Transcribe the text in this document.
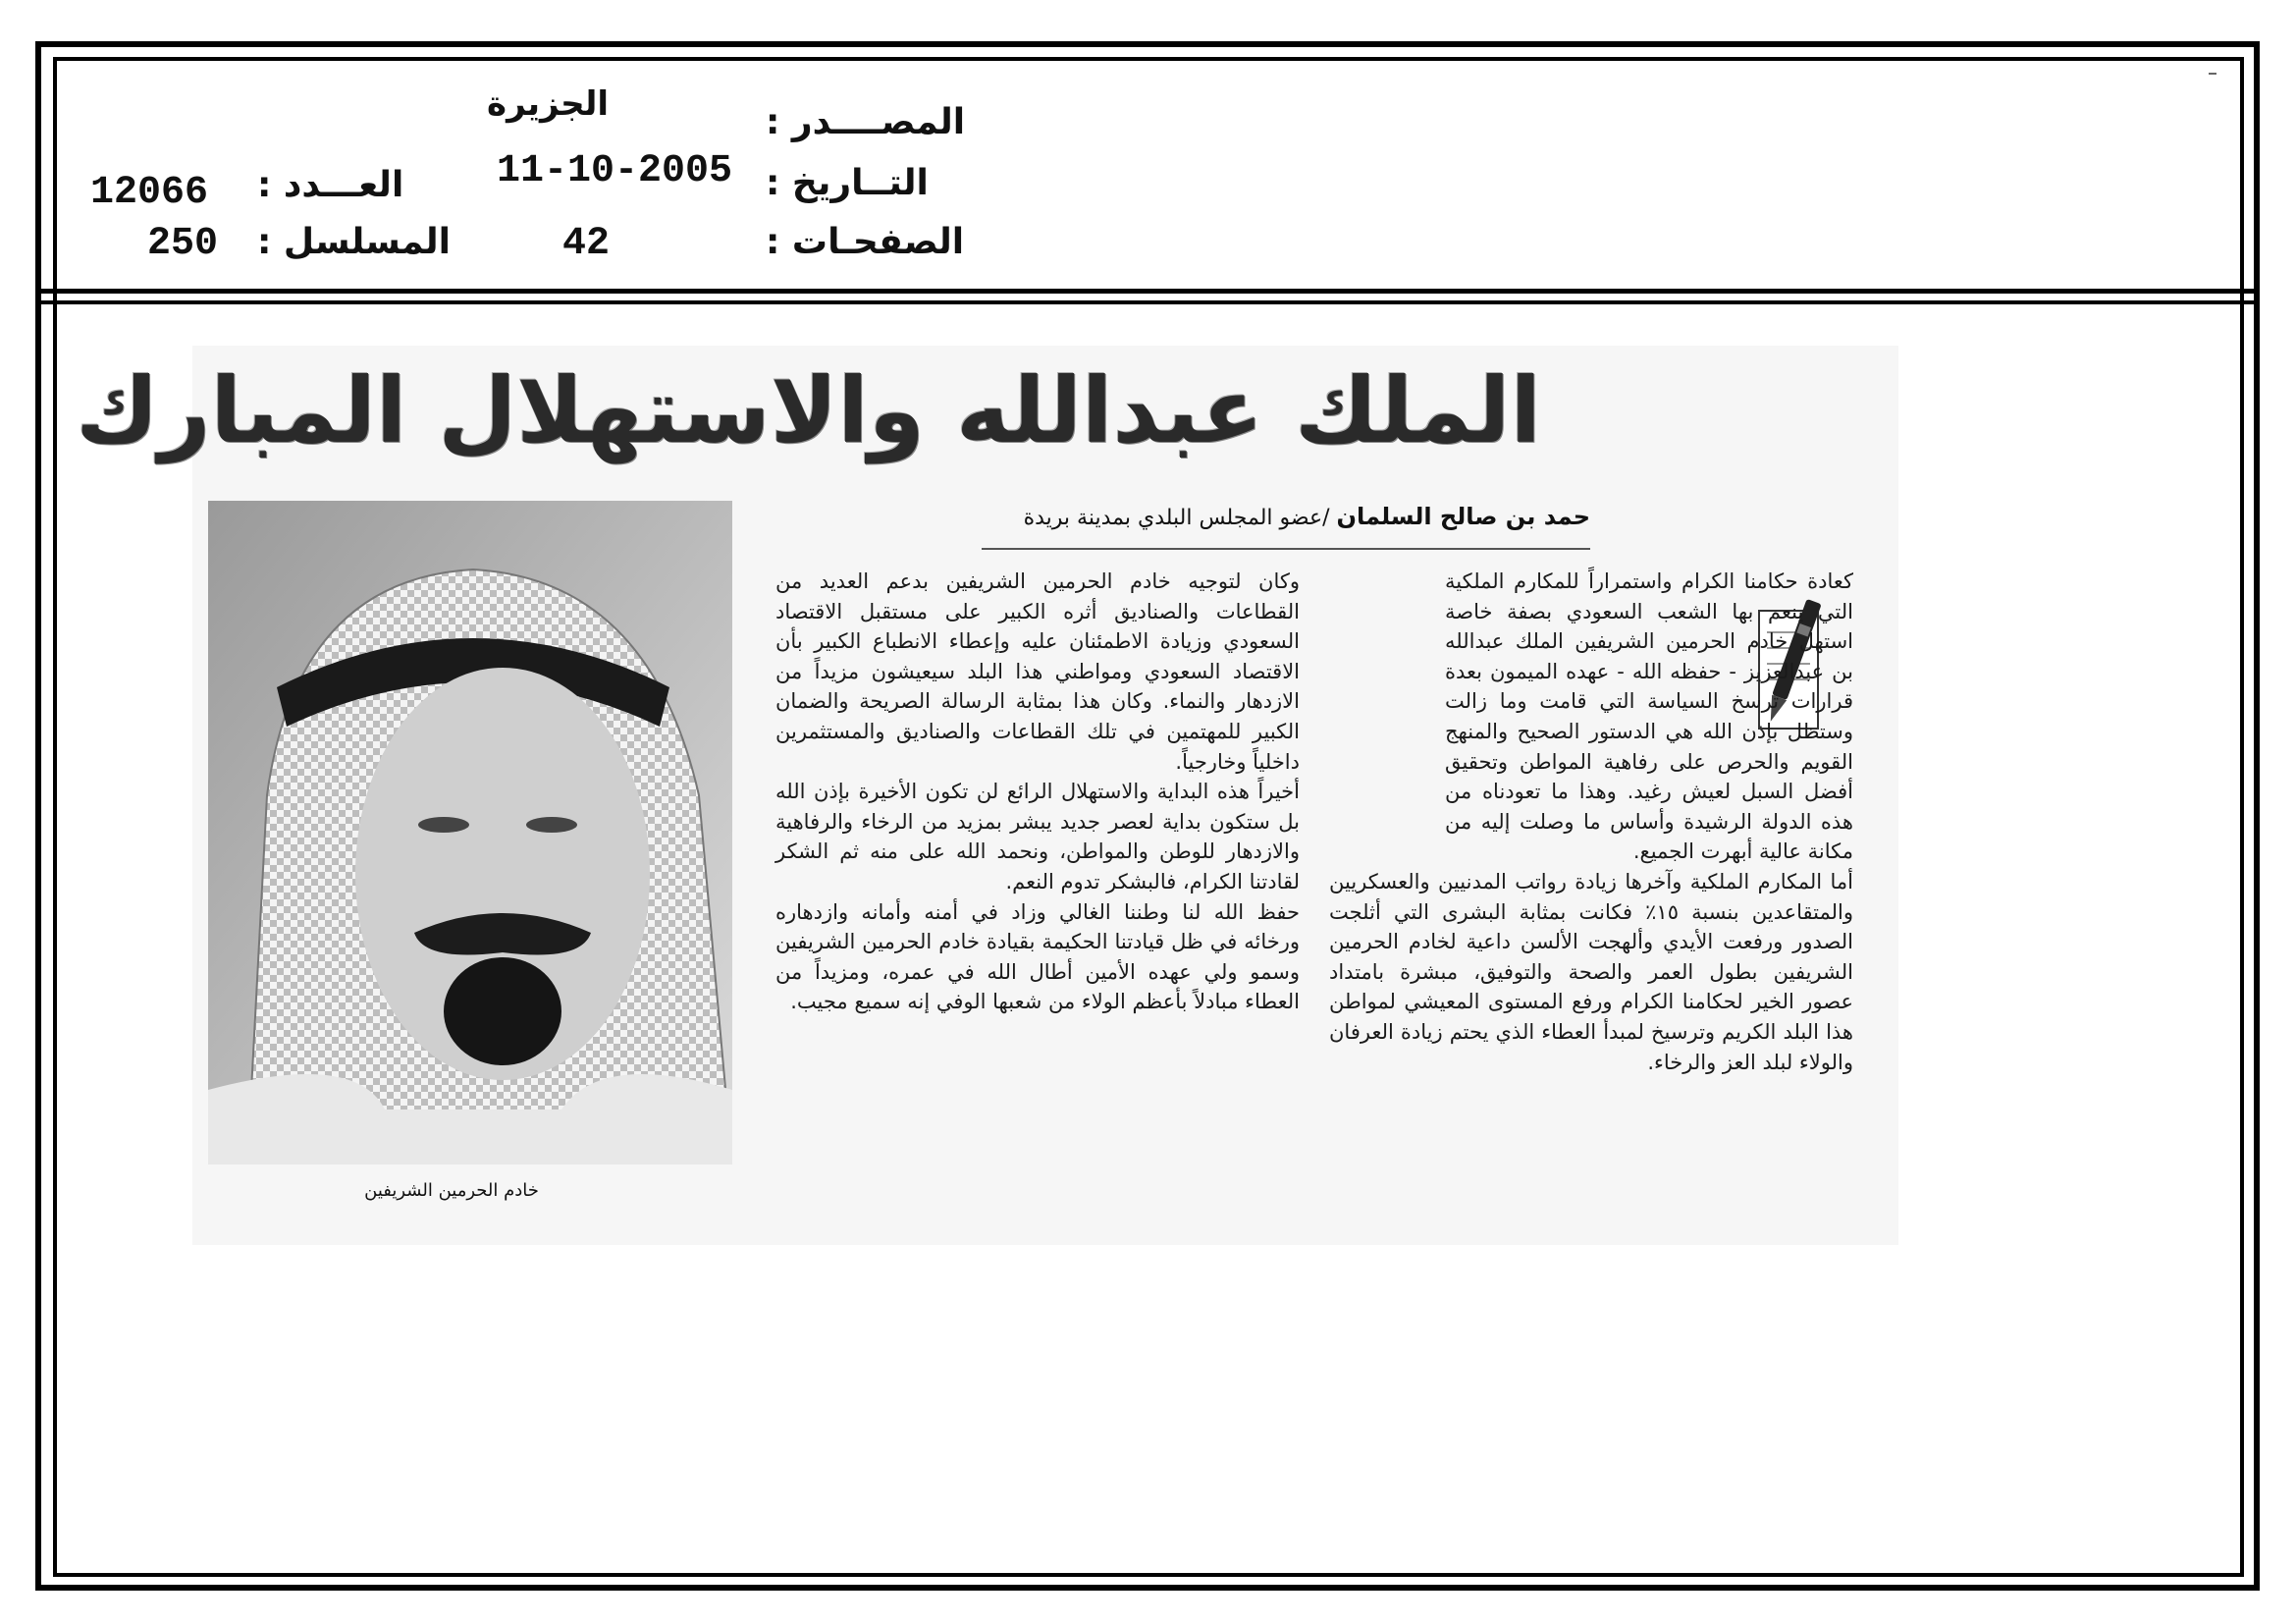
الجزيرة	المصــــدر :
11-10-2005 التــاريخ :
42	الصفحـات :
12066 العـــدد :
250 المسلسل :
الملك عبدالله والاستهلال المبارك
حمد بن صالح السلمان /عضو المجلس البلدي بمدينة بريدة

كعادة حكامنا الكرام واستمراراً للمكارم الملكية التي ينعم بها الشعب السعودي بصفة خاصة استهل خادم الحرمين الشريفين الملك عبدالله بن عبدالعزيز - حفظه الله - عهده الميمون بعدة قرارات ترسخ السياسة التي قامت وما زالت وستظل بإذن الله هي الدستور الصحيح والمنهج القويم والحرص على رفاهية المواطن وتحقيق أفضل السبل لعيش رغيد. وهذا ما تعودناه من هذه الدولة الرشيدة وأساس ما وصلت إليه من مكانة عالية أبهرت الجميع.

أما المكارم الملكية وآخرها زيادة رواتب المدنيين والعسكريين والمتقاعدين بنسبة ١٥٪ فكانت بمثابة البشرى التي أثلجت الصدور ورفعت الأيدي وألهجت الألسن داعية لخادم الحرمين الشريفين بطول العمر والصحة والتوفيق، مبشرة بامتداد عصور الخير لحكامنا الكرام ورفع المستوى المعيشي لمواطن هذا البلد الكريم وترسيخ لمبدأ العطاء الذي يحتم زيادة العرفان والولاء لبلد العز والرخاء.

وكان لتوجيه خادم الحرمين الشريفين بدعم العديد من القطاعات والصناديق أثره الكبير على مستقبل الاقتصاد السعودي وزيادة الاطمئنان عليه وإعطاء الانطباع الكبير بأن الاقتصاد السعودي ومواطني هذا البلد سيعيشون مزيداً من الازدهار والنماء. وكان هذا بمثابة الرسالة الصريحة والضمان الكبير للمهتمين في تلك القطاعات والصناديق والمستثمرين داخلياً وخارجياً.

أخيراً هذه البداية والاستهلال الرائع لن تكون الأخيرة بإذن الله بل ستكون بداية لعصر جديد يبشر بمزيد من الرخاء والرفاهية والازدهار للوطن والمواطن، ونحمد الله على منه ثم الشكر لقادتنا الكرام، فالبشكر تدوم النعم.

حفظ الله لنا وطننا الغالي وزاد في أمنه وأمانه وازدهاره ورخائه في ظل قيادتنا الحكيمة بقيادة خادم الحرمين الشريفين وسمو ولي عهده الأمين أطال الله في عمره، ومزيداً من العطاء مبادلاً بأعظم الولاء من شعبها الوفي إنه سميع مجيب.

خادم الحرمين الشريفين
